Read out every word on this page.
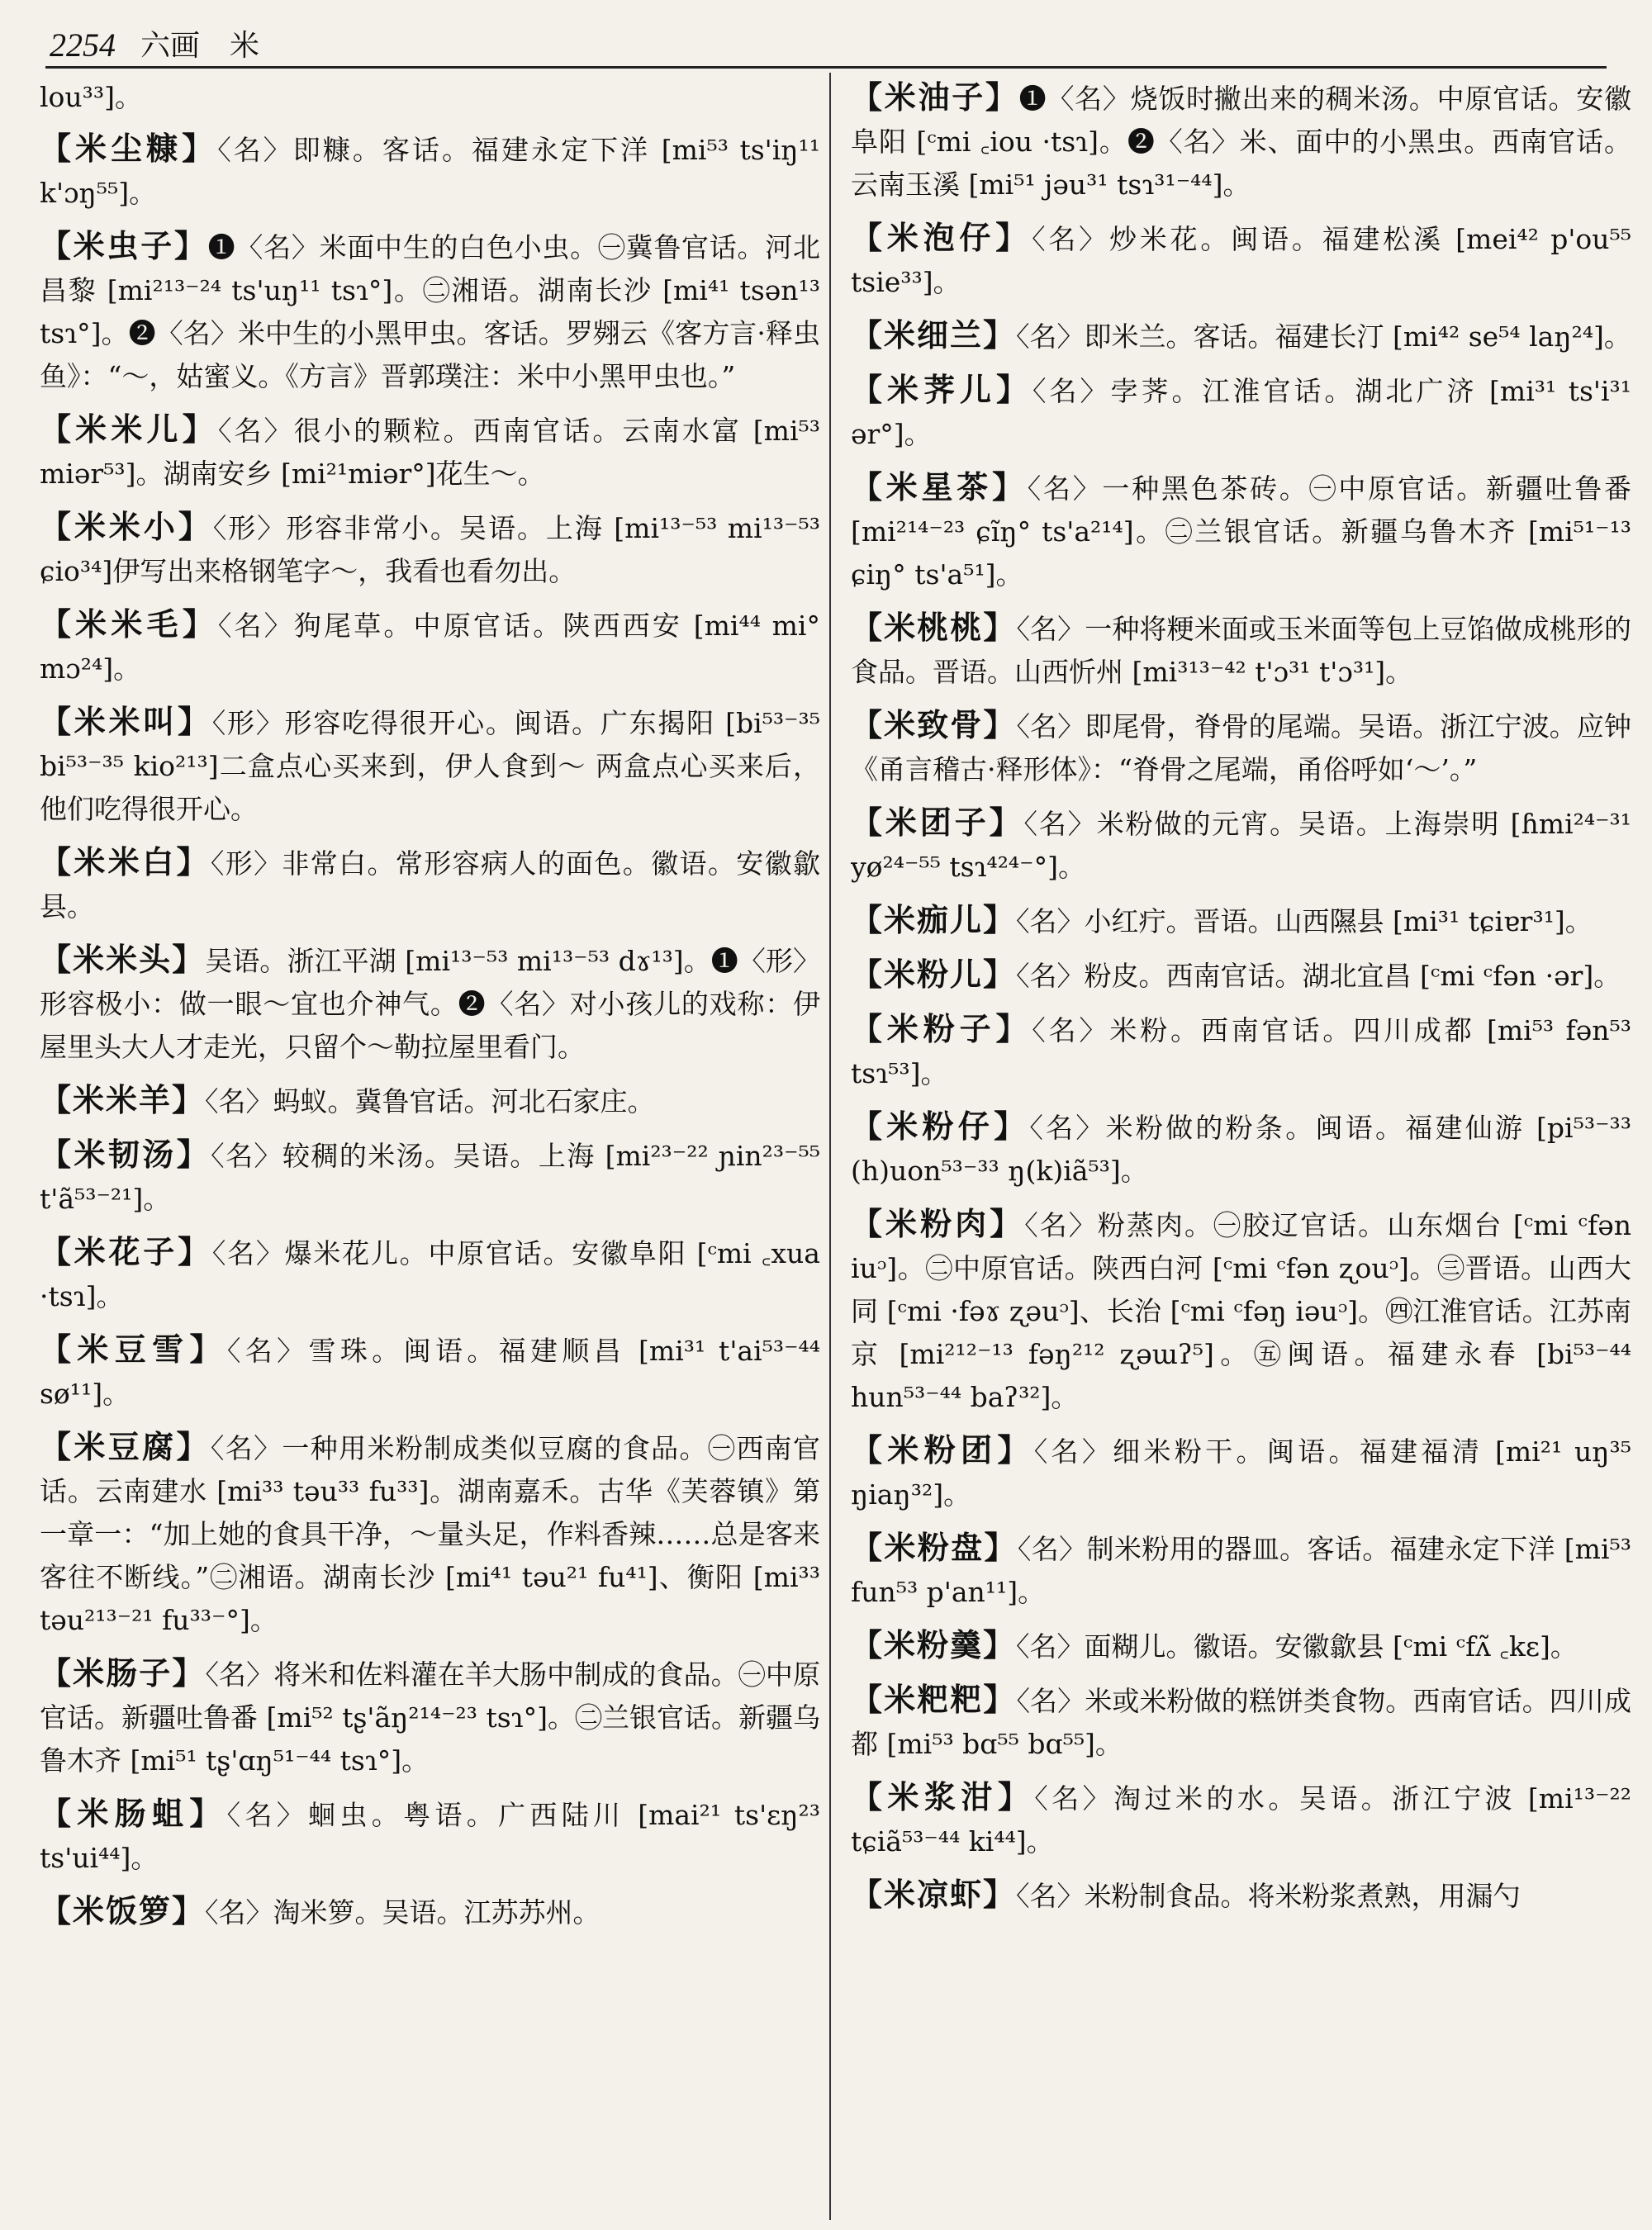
2254 六画　米
lou³³]。
【 米尘糠 】 〈名〉即糠。客话。福建永定下洋 [mi⁵³ ts'iŋ¹¹ k'ɔŋ⁵⁵]。
【 米虫子 】 ❶〈名〉米面中生的白色小虫。㊀冀鲁官话。河北昌黎 [mi²¹³⁻²⁴ ts'uŋ¹¹ tsɿ°]。㊁湘语。湖南长沙 [mi⁴¹ tsən¹³ tsɿ°]。❷〈名〉米中生的小黑甲虫。客话。罗翙云《客方言·释虫鱼》：“～，姑蜜义。《方言》晋郭璞注：米中小黑甲虫也。”
【 米米儿 】 〈名〉很小的颗粒。西南官话。云南水富 [mi⁵³ miər⁵³]。湖南安乡 [mi²¹miər°]花生～。
【 米米小 】 〈形〉形容非常小。吴语。上海 [mi¹³⁻⁵³ mi¹³⁻⁵³ ɕio³⁴]伊写出来格钢笔字～，我看也看勿出。
【 米米毛 】 〈名〉狗尾草。中原官话。陕西西安 [mi⁴⁴ mi° mɔ²⁴]。
【 米米叫 】 〈形〉形容吃得很开心。闽语。广东揭阳 [bi⁵³⁻³⁵ bi⁵³⁻³⁵ kio²¹³]二盒点心买来到，伊人食到～ 两盒点心买来后，他们吃得很开心。
【 米米白 】 〈形〉非常白。常形容病人的面色。徽语。安徽歙县。
【 米米头 】 吴语。浙江平湖 [mi¹³⁻⁵³ mi¹³⁻⁵³ dɤ¹³]。❶〈形〉形容极小：做一眼～宜也介神气。❷〈名〉对小孩儿的戏称：伊屋里头大人才走光，只留个～勒拉屋里看门。
【 米米羊 】 〈名〉蚂蚁。冀鲁官话。河北石家庄。
【 米韧汤 】 〈名〉较稠的米汤。吴语。上海 [mi²³⁻²² ɲin²³⁻⁵⁵ t'ã⁵³⁻²¹]。
【 米花子 】 〈名〉爆米花儿。中原官话。安徽阜阳 [ᶜmi ꜀xua ·tsɿ]。
【 米豆雪 】 〈名〉雪珠。闽语。福建顺昌 [mi³¹ t'ai⁵³⁻⁴⁴ sø¹¹]。
【 米豆腐 】 〈名〉一种用米粉制成类似豆腐的食品。㊀西南官话。云南建水 [mi³³ təu³³ fu³³]。湖南嘉禾。古华《芙蓉镇》第一章一：“加上她的食具干净，～量头足，作料香辣……总是客来客往不断线。”㊁湘语。湖南长沙 [mi⁴¹ təu²¹ fu⁴¹]、衡阳 [mi³³ təu²¹³⁻²¹ fu³³⁻°]。
【 米肠子 】 〈名〉将米和佐料灌在羊大肠中制成的食品。㊀中原官话。新疆吐鲁番 [mi⁵² tʂ'ãŋ²¹⁴⁻²³ tsɿ°]。㊁兰银官话。新疆乌鲁木齐 [mi⁵¹ tʂ'ɑŋ⁵¹⁻⁴⁴ tsɿ°]。
【 米肠蛆 】 〈名〉蛔虫。粤语。广西陆川 [mai²¹ ts'ɛŋ²³ ts'ui⁴⁴]。
【 米饭箩 】 〈名〉淘米箩。吴语。江苏苏州。
【 米油子 】 ❶〈名〉烧饭时撇出来的稠米汤。中原官话。安徽阜阳 [ᶜmi ꜀iou ·tsɿ]。❷〈名〉米、面中的小黑虫。西南官话。云南玉溪 [mi⁵¹ jəu³¹ tsɿ³¹⁻⁴⁴]。
【 米泡仔 】 〈名〉炒米花。闽语。福建松溪 [mei⁴² p'ou⁵⁵ tsie³³]。
【 米细兰 】 〈名〉即米兰。客话。福建长汀 [mi⁴² se⁵⁴ laŋ²⁴]。
【 米荠儿 】 〈名〉孛荠。江淮官话。湖北广济 [mi³¹ ts'i³¹ ər°]。
【 米星茶 】 〈名〉一种黑色茶砖。㊀中原官话。新疆吐鲁番 [mi²¹⁴⁻²³ ɕĩŋ° ts'a²¹⁴]。㊁兰银官话。新疆乌鲁木齐 [mi⁵¹⁻¹³ ɕiŋ° ts'a⁵¹]。
【 米桃桃 】 〈名〉一种将粳米面或玉米面等包上豆馅做成桃形的食品。晋语。山西忻州 [mi³¹³⁻⁴² t'ɔ³¹ t'ɔ³¹]。
【 米致骨 】 〈名〉即尾骨，脊骨的尾端。吴语。浙江宁波。应钟《甬言稽古·释形体》：“脊骨之尾端，甬俗呼如‘～’。”
【 米团子 】 〈名〉米粉做的元宵。吴语。上海崇明 [ɦmi²⁴⁻³¹ yø²⁴⁻⁵⁵ tsɿ⁴²⁴⁻°]。
【 米痂儿 】 〈名〉小红疔。晋语。山西隰县 [mi³¹ tɕiɐr³¹]。
【 米粉儿 】 〈名〉粉皮。西南官话。湖北宜昌 [ᶜmi ᶜfən ·ər]。
【 米粉子 】 〈名〉米粉。西南官话。四川成都 [mi⁵³ fən⁵³ tsɿ⁵³]。
【 米粉仔 】 〈名〉米粉做的粉条。闽语。福建仙游 [pi⁵³⁻³³ (h)uon⁵³⁻³³ ŋ(k)iã⁵³]。
【 米粉肉 】 〈名〉粉蒸肉。㊀胶辽官话。山东烟台 [ᶜmi ᶜfən iuᵓ]。㊁中原官话。陕西白河 [ᶜmi ᶜfən ʐouᵓ]。㊂晋语。山西大同 [ᶜmi ·fəɤ ʐəuᵓ]、长治 [ᶜmi ᶜfəŋ iəuᵓ]。㊃江淮官话。江苏南京 [mi²¹²⁻¹³ fəŋ²¹² ʐəɯʔ⁵]。㊄闽语。福建永春 [bi⁵³⁻⁴⁴ hun⁵³⁻⁴⁴ baʔ³²]。
【 米粉团 】 〈名〉细米粉干。闽语。福建福清 [mi²¹ uŋ³⁵ ŋiaŋ³²]。
【 米粉盘 】 〈名〉制米粉用的器皿。客话。福建永定下洋 [mi⁵³ fun⁵³ p'an¹¹]。
【 米粉羹 】 〈名〉面糊儿。徽语。安徽歙县 [ᶜmi ᶜfʌ̃ ꜀kɛ]。
【 米粑粑 】 〈名〉米或米粉做的糕饼类食物。西南官话。四川成都 [mi⁵³ bɑ⁵⁵ bɑ⁵⁵]。
【 米浆泔 】 〈名〉淘过米的水。吴语。浙江宁波 [mi¹³⁻²² tɕiã⁵³⁻⁴⁴ ki⁴⁴]。
【 米凉虾 】 〈名〉米粉制食品。将米粉浆煮熟，用漏勺
